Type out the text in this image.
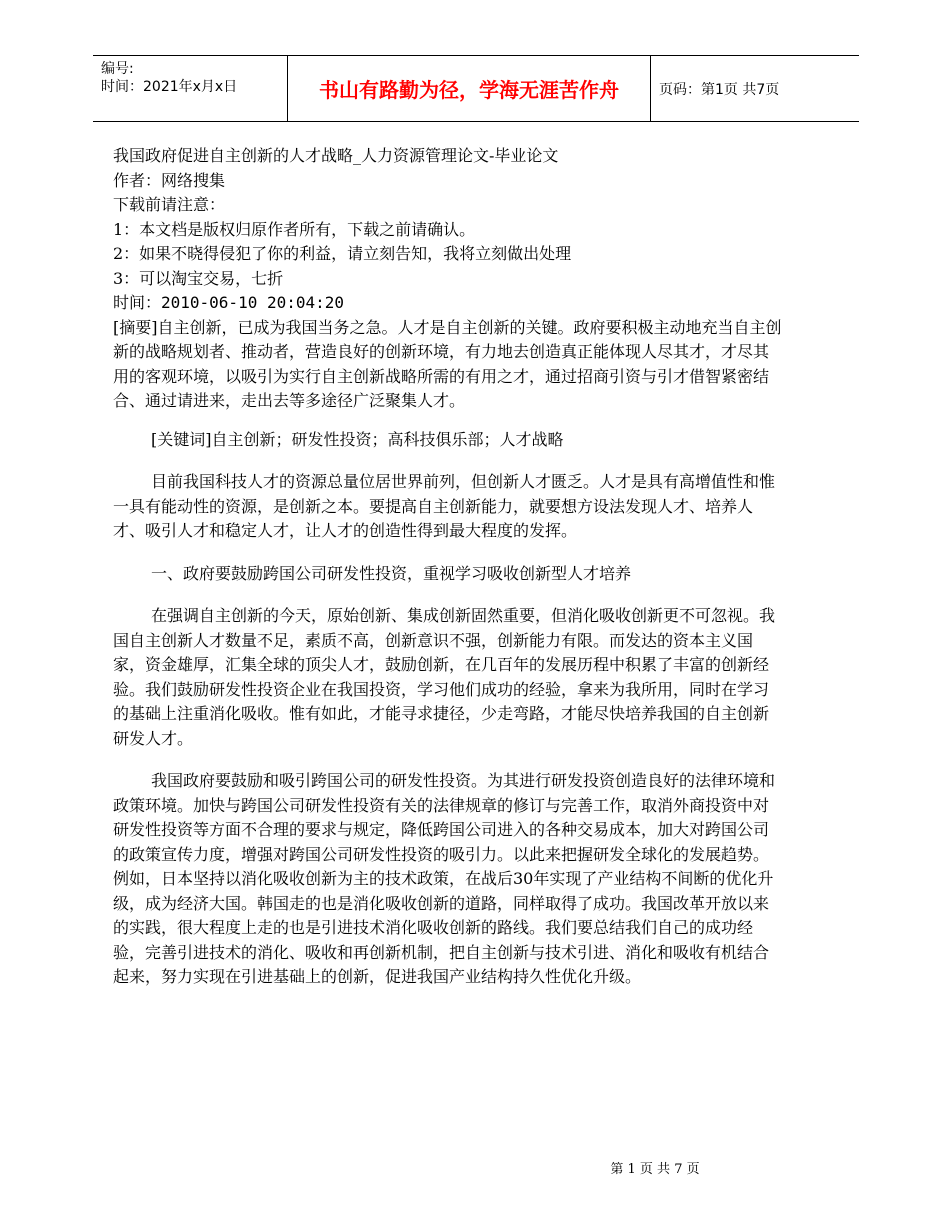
编号:
时间：2021年x月x日	书山有路勤为径，学海无涯苦作舟	页码：第1页 共7页

我国政府促进自主创新的人才战略_人力资源管理论文-毕业论文

作者：网络搜集

下载前请注意：

1：本文档是版权归原作者所有，下载之前请确认。

2：如果不晓得侵犯了你的利益，请立刻告知，我将立刻做出处理

3：可以淘宝交易，七折

时间：2010-06-10 20:04:20

[摘要]自主创新，已成为我国当务之急。人才是自主创新的关键。政府要积极主动地充当自主创新的战略规划者、推动者，营造良好的创新环境，有力地去创造真正能体现人尽其才，才尽其用的客观环境，以吸引为实行自主创新战略所需的有用之才，通过招商引资与引才借智紧密结合、通过请进来，走出去等多途径广泛聚集人才。

[关键词]自主创新；研发性投资；高科技俱乐部；人才战略

目前我国科技人才的资源总量位居世界前列，但创新人才匮乏。人才是具有高增值性和惟一具有能动性的资源，是创新之本。要提高自主创新能力，就要想方设法发现人才、培养人才、吸引人才和稳定人才，让人才的创造性得到最大程度的发挥。

一、政府要鼓励跨国公司研发性投资，重视学习吸收创新型人才培养

在强调自主创新的今天，原始创新、集成创新固然重要，但消化吸收创新更不可忽视。我国自主创新人才数量不足，素质不高，创新意识不强，创新能力有限。而发达的资本主义国家，资金雄厚，汇集全球的顶尖人才，鼓励创新，在几百年的发展历程中积累了丰富的创新经验。我们鼓励研发性投资企业在我国投资，学习他们成功的经验，拿来为我所用，同时在学习的基础上注重消化吸收。惟有如此，才能寻求捷径，少走弯路，才能尽快培养我国的自主创新研发人才。

我国政府要鼓励和吸引跨国公司的研发性投资。为其进行研发投资创造良好的法律环境和政策环境。加快与跨国公司研发性投资有关的法律规章的修订与完善工作，取消外商投资中对研发性投资等方面不合理的要求与规定，降低跨国公司进入的各种交易成本，加大对跨国公司的政策宣传力度，增强对跨国公司研发性投资的吸引力。以此来把握研发全球化的发展趋势。例如，日本坚持以消化吸收创新为主的技术政策，在战后30年实现了产业结构不间断的优化升级，成为经济大国。韩国走的也是消化吸收创新的道路，同样取得了成功。我国改革开放以来的实践，很大程度上走的也是引进技术消化吸收创新的路线。我们要总结我们自己的成功经验，完善引进技术的消化、吸收和再创新机制，把自主创新与技术引进、消化和吸收有机结合起来，努力实现在引进基础上的创新，促进我国产业结构持久性优化升级。

第 1 页 共 7 页
